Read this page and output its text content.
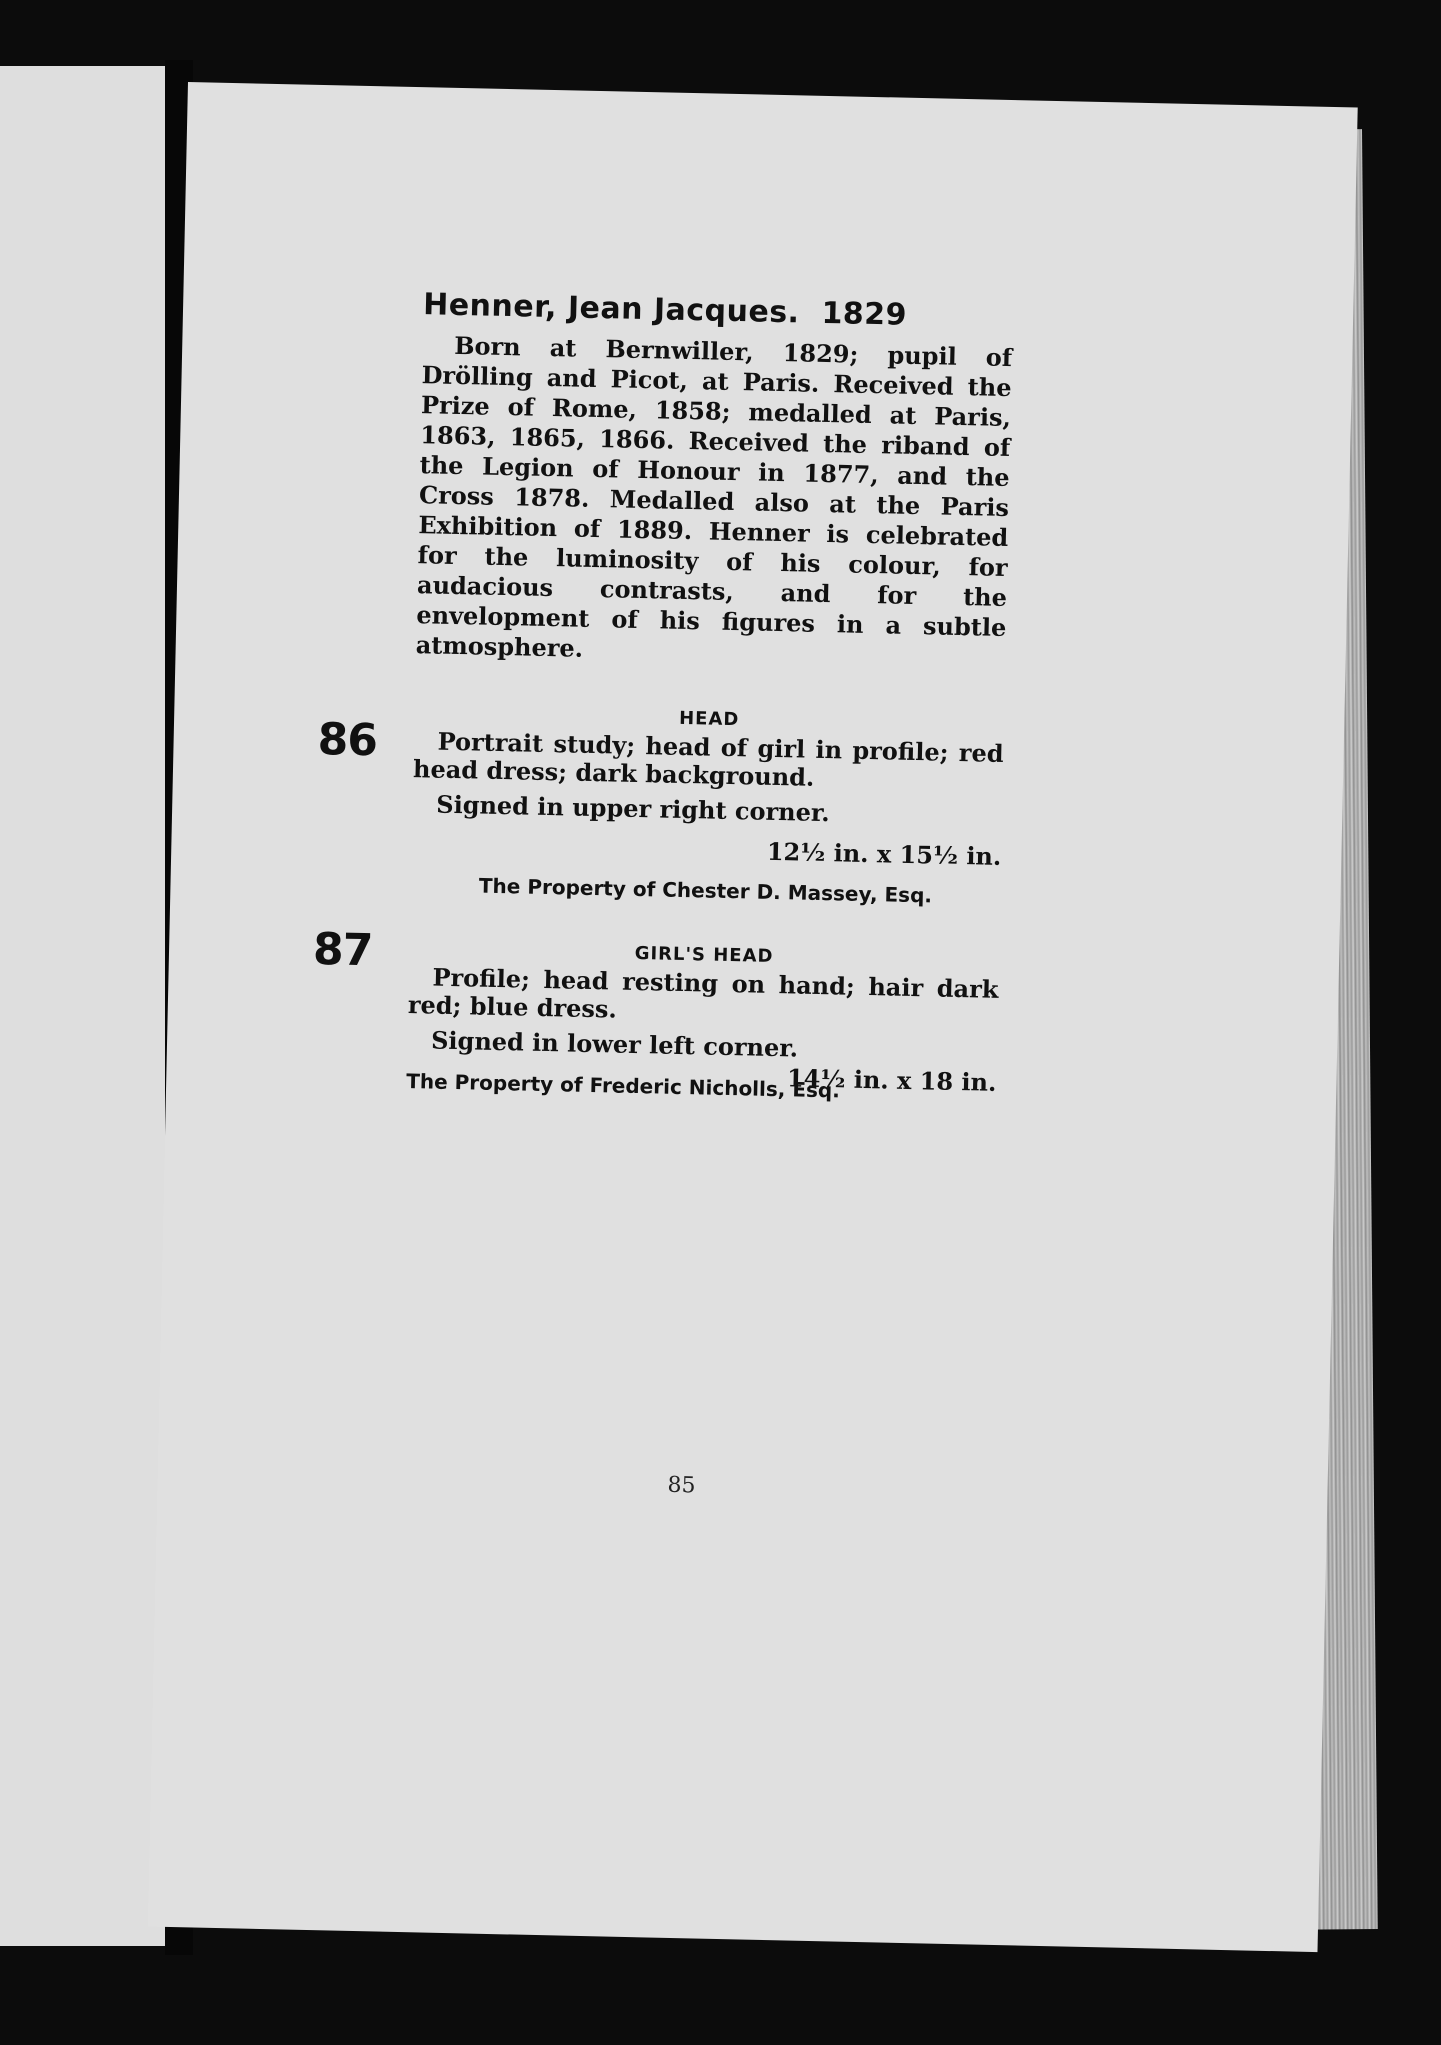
Henner, Jean Jacques. 1829

Born at Bernwiller, 1829; pupil of Drölling and Picot, at Paris. Received the Prize of Rome, 1858; medalled at Paris, 1863, 1865, 1866. Received the riband of the Legion of Honour in 1877, and the Cross 1878. Medalled also at the Paris Exhibition of 1889. Henner is celebrated for the luminosity of his colour, for audacious contrasts, and for the envelopment of his figures in a subtle atmosphere.

86	HEAD

Portrait study; head of girl in profile; red head dress; dark background.

Signed in upper right corner.

12½ in. x 15½ in.

The Property of Chester D. Massey, Esq.

87	GIRL'S HEAD

Profile; head resting on hand; hair dark red; blue dress.

Signed in lower left corner.
14½ in. x 18 in.

The Property of Frederic Nicholls, Esq.

85
